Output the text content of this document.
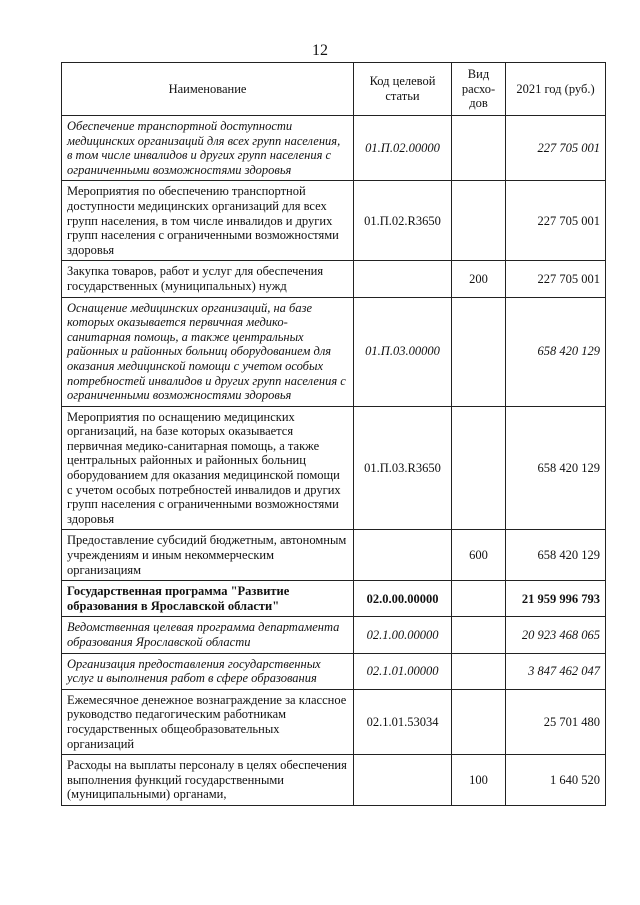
12
Наименование	Код целевой статьи	Вид расхо-дов	2021 год (руб.)
Обеспечение транспортной доступности медицинских организаций для всех групп населения, в том числе инвалидов и других групп населения с ограниченными возможностями здоровья	01.П.02.00000		227 705 001
Мероприятия по обеспечению транспортной доступности медицинских организаций для всех групп населения, в том числе инвалидов и других групп населения с ограниченными возможностями здоровья	01.П.02.R3650		227 705 001
Закупка товаров, работ и услуг для обеспечения государственных (муниципальных) нужд		200	227 705 001
Оснащение медицинских организаций, на базе которых оказывается первичная медико-санитарная помощь, а также центральных районных и районных больниц оборудованием для оказания медицинской помощи с учетом особых потребностей инвалидов и других групп населения с ограниченными возможностями здоровья	01.П.03.00000		658 420 129
Мероприятия по оснащению медицинских организаций, на базе которых оказывается первичная медико-санитарная помощь, а также центральных районных и районных больниц оборудованием для оказания медицинской помощи с учетом особых потребностей инвалидов и других групп населения с ограниченными возможностями здоровья	01.П.03.R3650		658 420 129
Предоставление субсидий бюджетным, автономным учреждениям и иным некоммерческим организациям		600	658 420 129
Государственная программа "Развитие образования в Ярославской области"	02.0.00.00000		21 959 996 793
Ведомственная целевая программа департамента образования Ярославской области	02.1.00.00000		20 923 468 065
Организация предоставления государственных услуг и выполнения работ в сфере образования	02.1.01.00000		3 847 462 047
Ежемесячное денежное вознаграждение за классное руководство педагогическим работникам государственных общеобразовательных организаций	02.1.01.53034		25 701 480
Расходы на выплаты персоналу в целях обеспечения выполнения функций государственными (муниципальными) органами,		100	1 640 520
